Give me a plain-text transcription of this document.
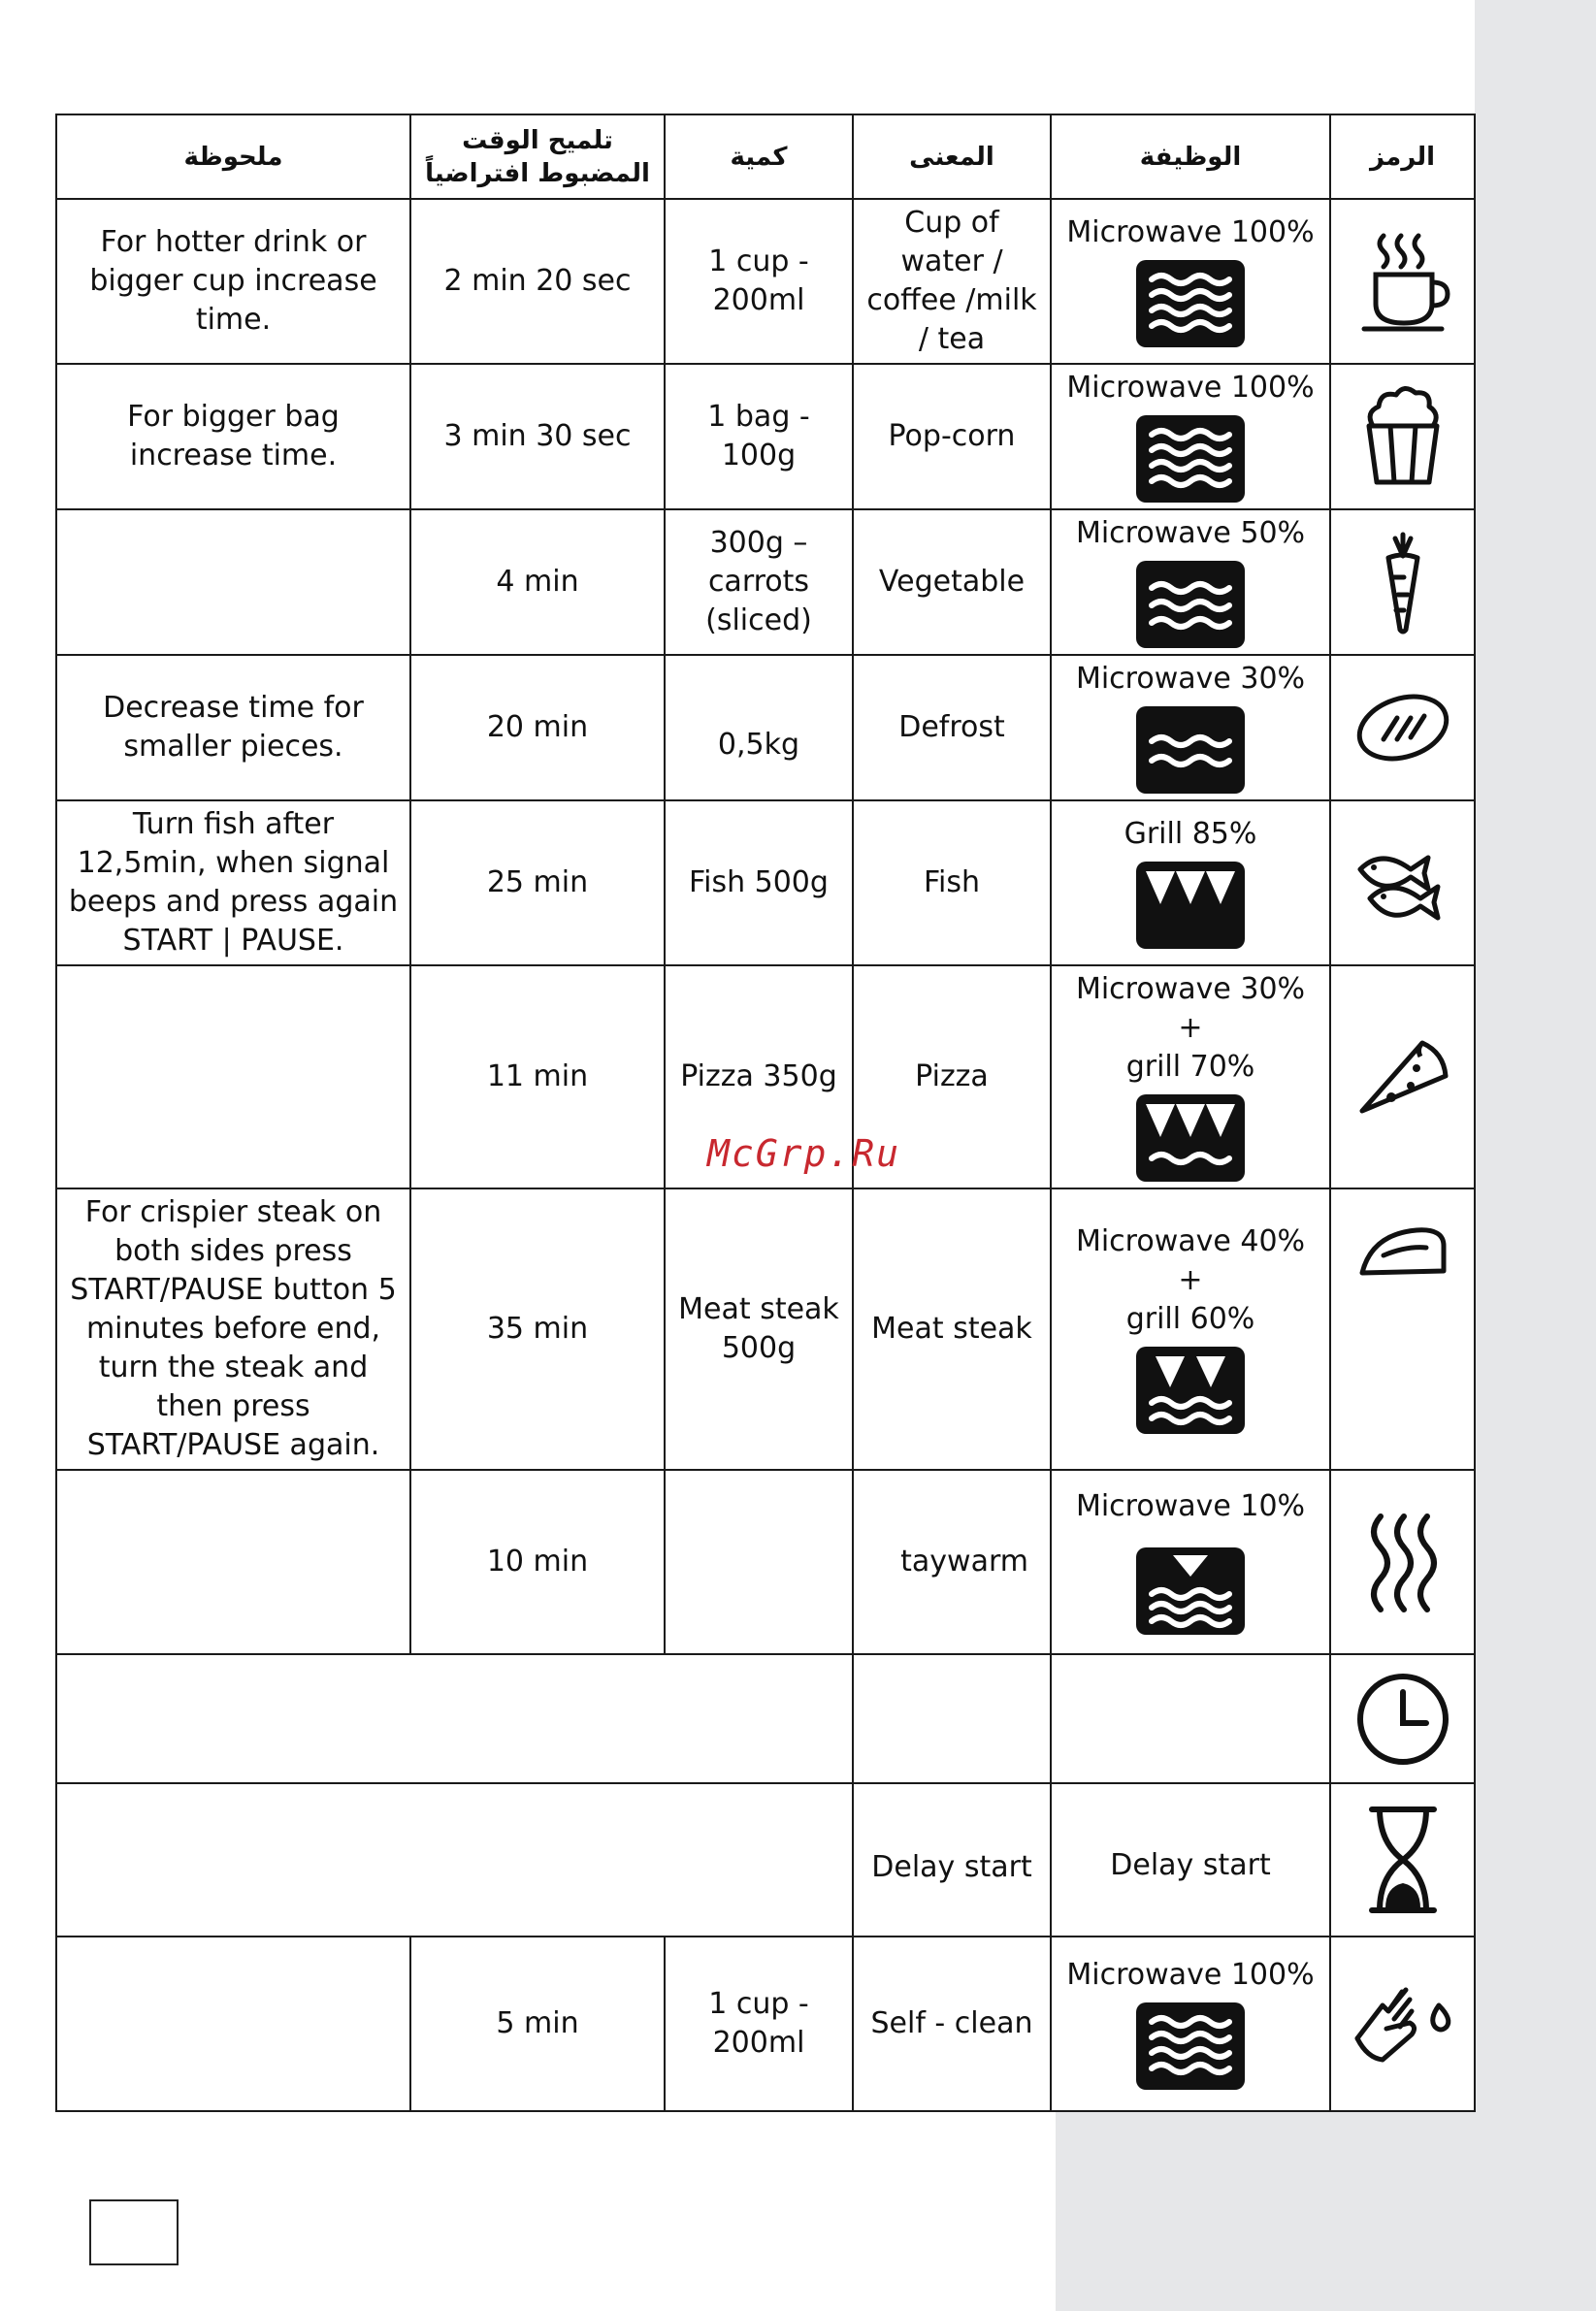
ملحوظة	تلميح الوقت المضبوط افتراضياً	كمية	المعنى	الوظيفة	الرمز
For hotter drink or bigger cup increase time.	2 min 20 sec	1 cup -
200ml	Cup of water / coffee /milk / tea	Microwave 100%

For bigger bag increase time.	3 min 30 sec	1 bag -
100g	Pop-corn	Microwave 100%

	4 min	300g –
carrots
(sliced)	Vegetable	Microwave 50%

Decrease time for smaller pieces.	20 min	0,5kg	Defrost	Microwave 30%

Turn fish after 12,5min, when signal beeps and press again START | PAUSE.	25 min	Fish 500g	Fish	Grill 85%

	11 min	Pizza 350g	Pizza	Microwave 30% +
grill 70%

For crispier steak on both sides press START/PAUSE button 5 minutes before end, turn the steak and then press START/PAUSE again.	35 min	Meat steak
500g	Meat steak	Microwave 40% +
grill 60%

	10 min		taywarm	Microwave 10%

			Delay start	Delay start	

	5 min	1 cup -
200ml	Self - clean	Microwave 100%

McGrp.Ru
